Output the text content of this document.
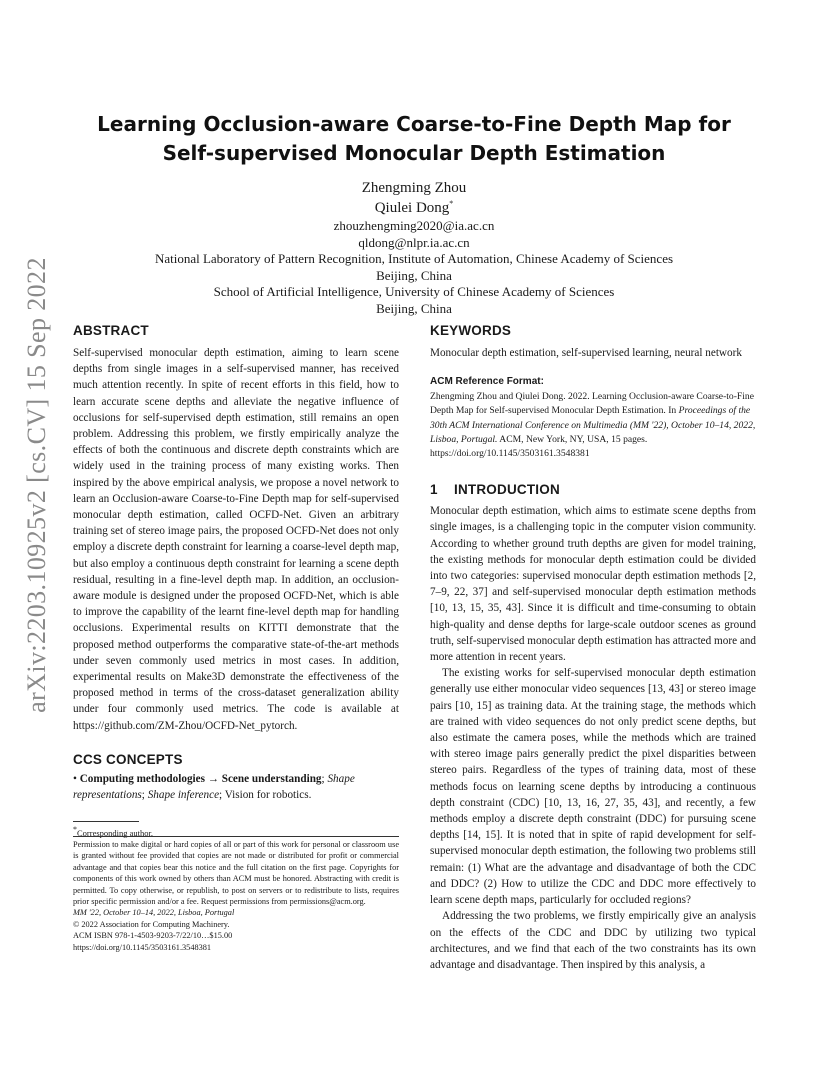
arXiv:2203.10925v2 [cs.CV] 15 Sep 2022
Learning Occlusion-aware Coarse-to-Fine Depth Map for
Self-supervised Monocular Depth Estimation
Zhengming Zhou
Qiulei Dong*
zhouzhengming2020@ia.ac.cn
qldong@nlpr.ia.ac.cn
National Laboratory of Pattern Recognition, Institute of Automation, Chinese Academy of Sciences
Beijing, China
School of Artificial Intelligence, University of Chinese Academy of Sciences
Beijing, China
ABSTRACT

Self-supervised monocular depth estimation, aiming to learn scene depths from single images in a self-supervised manner, has received much attention recently. In spite of recent efforts in this field, how to learn accurate scene depths and alleviate the negative influence of occlusions for self-supervised depth estimation, still remains an open problem. Addressing this problem, we firstly empirically analyze the effects of both the continuous and discrete depth constraints which are widely used in the training process of many existing works. Then inspired by the above empirical analysis, we propose a novel network to learn an Occlusion-aware Coarse-to-Fine Depth map for self-supervised monocular depth estimation, called OCFD-Net. Given an arbitrary training set of stereo image pairs, the proposed OCFD-Net does not only employ a discrete depth constraint for learning a coarse-level depth map, but also employ a continuous depth constraint for learning a scene depth residual, resulting in a fine-level depth map. In addition, an occlusion-aware module is designed under the proposed OCFD-Net, which is able to improve the capability of the learnt fine-level depth map for handling occlusions. Experimental results on KITTI demonstrate that the proposed method outperforms the comparative state-of-the-art methods under seven commonly used metrics in most cases. In addition, experimental results on Make3D demonstrate the effectiveness of the proposed method in terms of the cross-dataset generalization ability under four commonly used metrics. The code is available at https://github.com/ZM-Zhou/OCFD-Net_pytorch.

CCS CONCEPTS
• Computing methodologies → Scene understanding; Shape representations; Shape inference; Vision for robotics.
*Corresponding author.
Permission to make digital or hard copies of all or part of this work for personal or classroom use is granted without fee provided that copies are not made or distributed for profit or commercial advantage and that copies bear this notice and the full citation on the first page. Copyrights for components of this work owned by others than ACM must be honored. Abstracting with credit is permitted. To copy otherwise, or republish, to post on servers or to redistribute to lists, requires prior specific permission and/or a fee. Request permissions from permissions@acm.org.
MM '22, October 10–14, 2022, Lisboa, Portugal
© 2022 Association for Computing Machinery.
ACM ISBN 978-1-4503-9203-7/22/10…$15.00
https://doi.org/10.1145/3503161.3548381
KEYWORDS

Monocular depth estimation, self-supervised learning, neural network

ACM Reference Format:
Zhengming Zhou and Qiulei Dong. 2022. Learning Occlusion-aware Coarse-to-Fine Depth Map for Self-supervised Monocular Depth Estimation. In Proceedings of the 30th ACM International Conference on Multimedia (MM '22), October 10–14, 2022, Lisboa, Portugal. ACM, New York, NY, USA, 15 pages. https://doi.org/10.1145/3503161.3548381
1 INTRODUCTION

Monocular depth estimation, which aims to estimate scene depths from single images, is a challenging topic in the computer vision community. According to whether ground truth depths are given for model training, the existing methods for monocular depth estimation could be divided into two categories: supervised monocular depth estimation methods [2, 7–9, 22, 37] and self-supervised monocular depth estimation methods [10, 13, 15, 35, 43]. Since it is difficult and time-consuming to obtain high-quality and dense depths for large-scale outdoor scenes as ground truth, self-supervised monocular depth estimation has attracted more and more attention in recent years.

The existing works for self-supervised monocular depth estimation generally use either monocular video sequences [13, 43] or stereo image pairs [10, 15] as training data. At the training stage, the methods which are trained with video sequences do not only predict scene depths, but also estimate the camera poses, while the methods which are trained with stereo image pairs generally predict the pixel disparities between stereo pairs. Regardless of the types of training data, most of these methods focus on learning scene depths by introducing a continuous depth constraint (CDC) [10, 13, 16, 27, 35, 43], and recently, a few methods employ a discrete depth constraint (DDC) for pursuing scene depths [14, 15]. It is noted that in spite of rapid development for self-supervised monocular depth estimation, the following two problems still remain: (1) What are the advantage and disadvantage of both the CDC and DDC? (2) How to utilize the CDC and DDC more effectively to learn scene depth maps, particularly for occluded regions?

Addressing the two problems, we firstly empirically give an analysis on the effects of the CDC and DDC by utilizing two typical architectures, and we find that each of the two constraints has its own advantage and disadvantage. Then inspired by this analysis, a
